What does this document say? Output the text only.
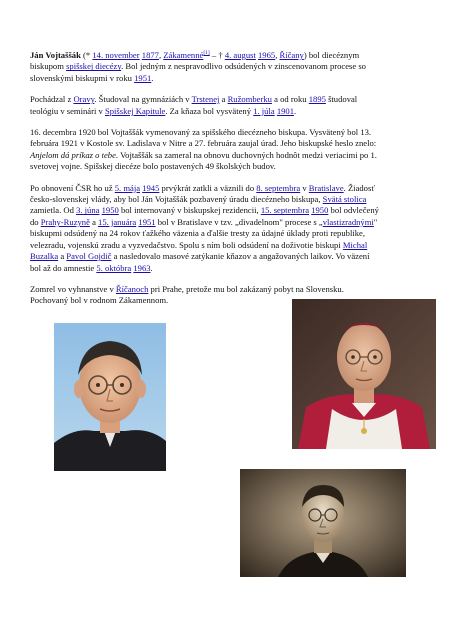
Ján Vojtaššák (* 14. november 1877, Zákamenné[1] – † 4. august 1965, Říčany) bol diecéznym biskupom spišskej diecézy. Bol jedným z nespravodlivo odsúdených v zinscenovanom procese so slovenskými biskupmi v roku 1951.

Pochádzal z Oravy. Študoval na gymnáziách v Trstenej a Ružomberku a od roku 1895 študoval teológiu v seminári v Spišskej Kapitule. Za kňaza bol vysvätený 1. júla 1901.

16. decembra 1920 bol Vojtaššák vymenovaný za spišského diecézneho biskupa. Vysvätený bol 13. februára 1921 v Kostole sv. Ladislava v Nitre a 27. februára zaujal úrad. Jeho biskupské heslo znelo: Anjelom dá príkaz o tebe. Vojtaššák sa zameral na obnovu duchovných hodnôt medzi veriacimi po 1. svetovej vojne. Spišskej diecéze bolo postavených 49 školských budov.

Po obnovení ČSR ho už 5. mája 1945 prvýkrát zatkli a väznili do 8. septembra v Bratislave. Žiadosť česko-slovenskej vlády, aby bol Ján Vojtaššák pozbavený úradu diecézneho biskupa, Svätá stolica zamietla. Od 3. júna 1950 bol internovaný v biskupskej rezidencii, 15. septembra 1950 bol odvlečený do Prahy-Ruzyně a 15. januára 1951 bol v Bratislave v tzv. „divadelnom" procese s „vlastizradnými" biskupmi odsúdený na 24 rokov ťažkého väzenia a ďalšie tresty za údajné úklady proti republike, velezradu, vojenskú zradu a vyzvedačstvo. Spolu s ním boli odsúdení na doživotie biskupi Michal Buzalka a Pavol Gojdič a nasledovalo masové zatýkanie kňazov a angažovaných laikov. Vo väzení bol až do amnestie 5. októbra 1963.

Zomrel vo vyhnanstve v Říčanoch pri Prahe, pretože mu bol zakázaný pobyt na Slovensku. Pochovaný bol v rodnom Zákamennom.
